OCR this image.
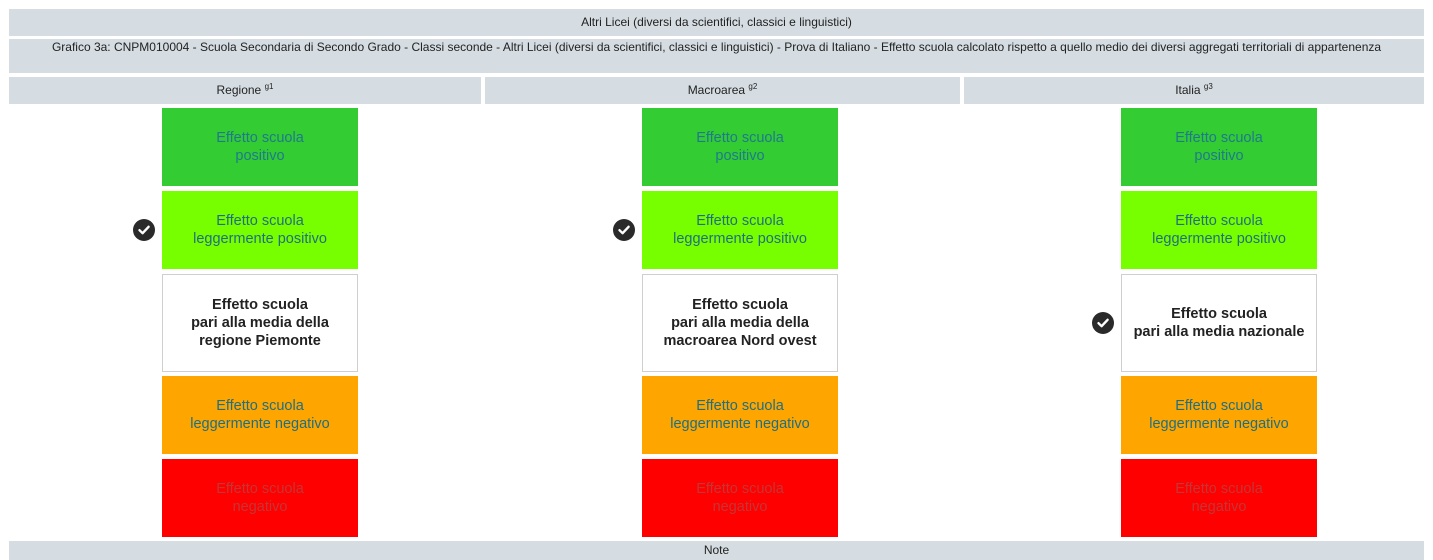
Altri Licei (diversi da scientifici, classici e linguistici)
Grafico 3a: CNPM010004 - Scuola Secondaria di Secondo Grado - Classi seconde - Altri Licei (diversi da scientifici, classici e linguistici) - Prova di Italiano - Effetto scuola calcolato rispetto a quello medio dei diversi aggregati territoriali di appartenenza
Regione $^{g1}$	Macroarea $^{g2}$	Italia $^{g3}$
Effetto scuola
positivo
Effetto scuola
leggermente positivo
Effetto scuola
pari alla media della
regione Piemonte
Effetto scuola
leggermente negativo
Effetto scuola
negativo
Effetto scuola
positivo
Effetto scuola
leggermente positivo
Effetto scuola
pari alla media della
macroarea Nord ovest
Effetto scuola
leggermente negativo
Effetto scuola
negativo
Effetto scuola
positivo
Effetto scuola
leggermente positivo
Effetto scuola
pari alla media nazionale
Effetto scuola
leggermente negativo
Effetto scuola
negativo
Note
